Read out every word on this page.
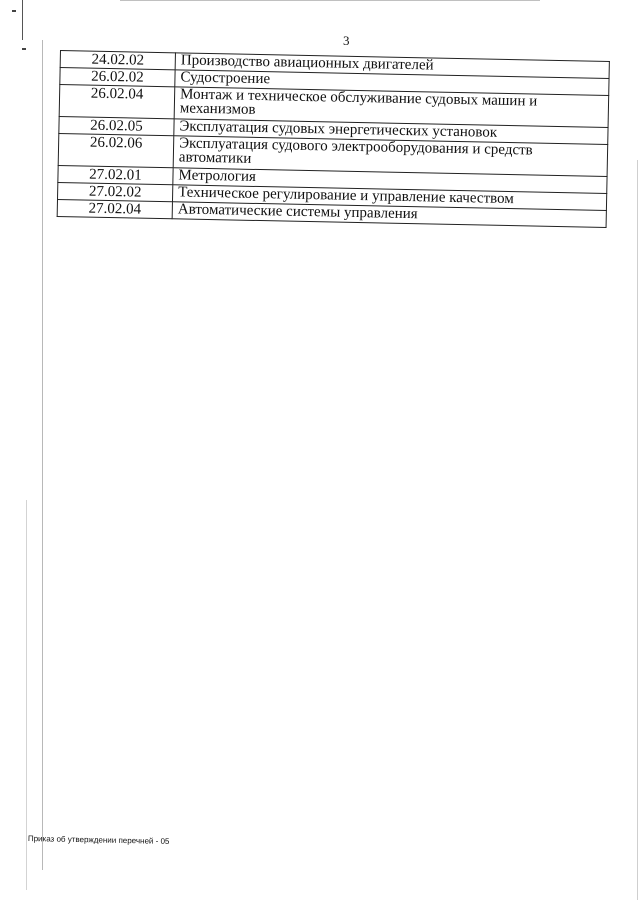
3
24.02.02	Производство авиационных двигателей
26.02.02	Судостроение
26.02.04	Монтаж и техническое обслуживание судовых машин и механизмов
26.02.05	Эксплуатация судовых энергетических установок
26.02.06	Эксплуатация судового электрооборудования и средств автоматики
27.02.01	Метрология
27.02.02	Техническое регулирование и управление качеством
27.02.04	Автоматические системы управления
Приказ об утверждении перечней - 05
